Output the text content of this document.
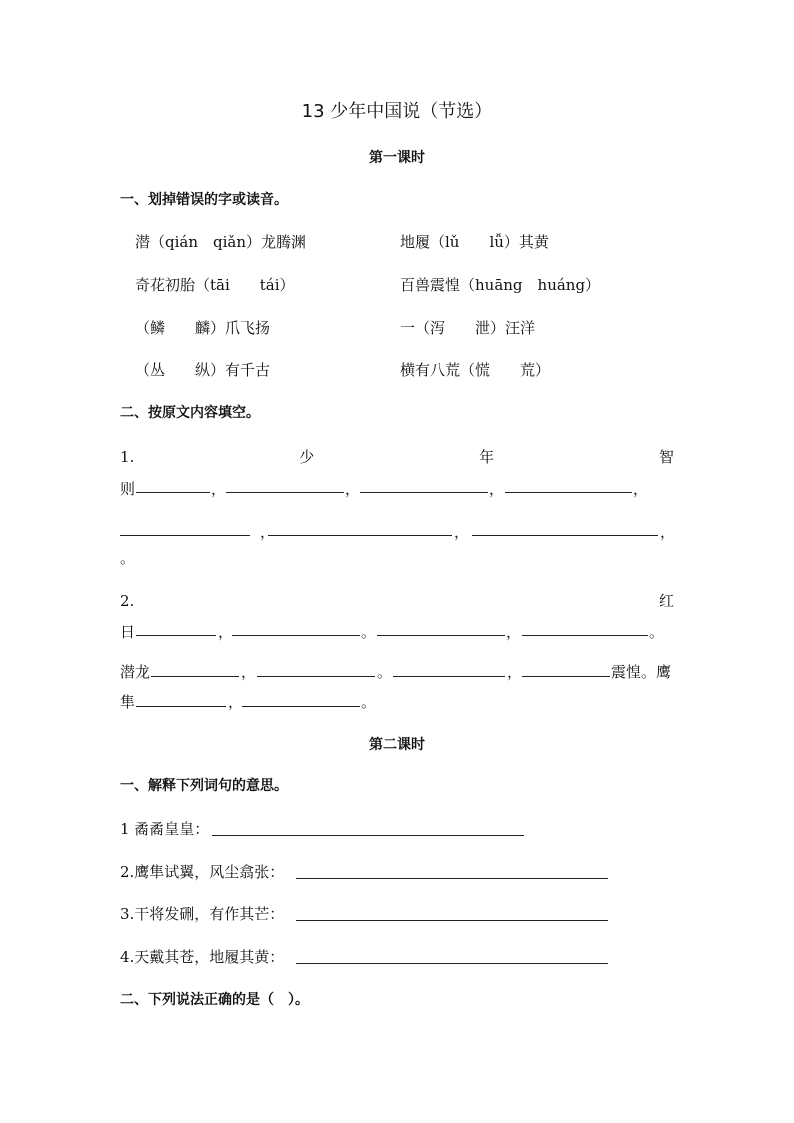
13 少年中国说（节选）
第一课时
一、划掉错误的字或读音。
潜（qián　qiǎn）龙腾渊	地履（lǔ　　lǚ）其黄
奇花初胎（tāi　　tái）	百兽震惶（huāng　huáng）
（鳞　　麟）爪飞扬	一（泻　　泄）汪洋
（丛　　纵）有千古	横有八荒（慌　　荒）
二、按原文内容填空。
1.	少	年	智
则	，	，	，	，
，	，	，
。
2.	红
日	，	。	，	。
潜龙	，	。	，	震惶。鹰
隼	，	。
第二课时
一、解释下列词句的意思。
1 矞矞皇皇：
2.鹰隼试翼，风尘翕张：
3.干将发硎，有作其芒：
4.天戴其苍，地履其黄：
二、下列说法正确的是（　）。
